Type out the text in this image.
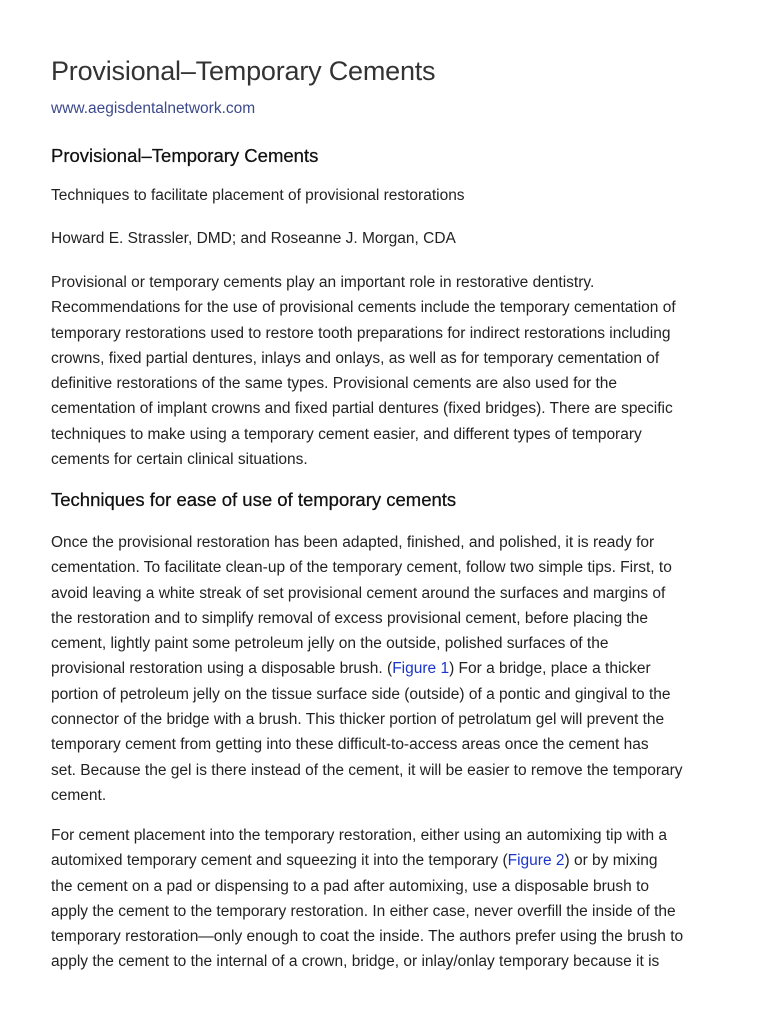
Provisional–Temporary Cements
www.aegisdentalnetwork.com
Provisional–Temporary Cements

Techniques to facilitate placement of provisional restorations

Howard E. Strassler, DMD; and Roseanne J. Morgan, CDA

Provisional or temporary cements play an important role in restorative dentistry.
Recommendations for the use of provisional cements include the temporary cementation of
temporary restorations used to restore tooth preparations for indirect restorations including
crowns, fixed partial dentures, inlays and onlays, as well as for temporary cementation of
definitive restorations of the same types. Provisional cements are also used for the
cementation of implant crowns and fixed partial dentures (fixed bridges). There are specific
techniques to make using a temporary cement easier, and different types of temporary
cements for certain clinical situations.
Techniques for ease of use of temporary cements
Once the provisional restoration has been adapted, finished, and polished, it is ready for
cementation. To facilitate clean-up of the temporary cement, follow two simple tips. First, to
avoid leaving a white streak of set provisional cement around the surfaces and margins of
the restoration and to simplify removal of excess provisional cement, before placing the
cement, lightly paint some petroleum jelly on the outside, polished surfaces of the
provisional restoration using a disposable brush. (Figure 1) For a bridge, place a thicker
portion of petroleum jelly on the tissue surface side (outside) of a pontic and gingival to the
connector of the bridge with a brush. This thicker portion of petrolatum gel will prevent the
temporary cement from getting into these difficult-to-access areas once the cement has
set. Because the gel is there instead of the cement, it will be easier to remove the temporary
cement.
For cement placement into the temporary restoration, either using an automixing tip with a
automixed temporary cement and squeezing it into the temporary (Figure 2) or by mixing
the cement on a pad or dispensing to a pad after automixing, use a disposable brush to
apply the cement to the temporary restoration. In either case, never overfill the inside of the
temporary restoration—only enough to coat the inside. The authors prefer using the brush to
apply the cement to the internal of a crown, bridge, or inlay/onlay temporary because it is
